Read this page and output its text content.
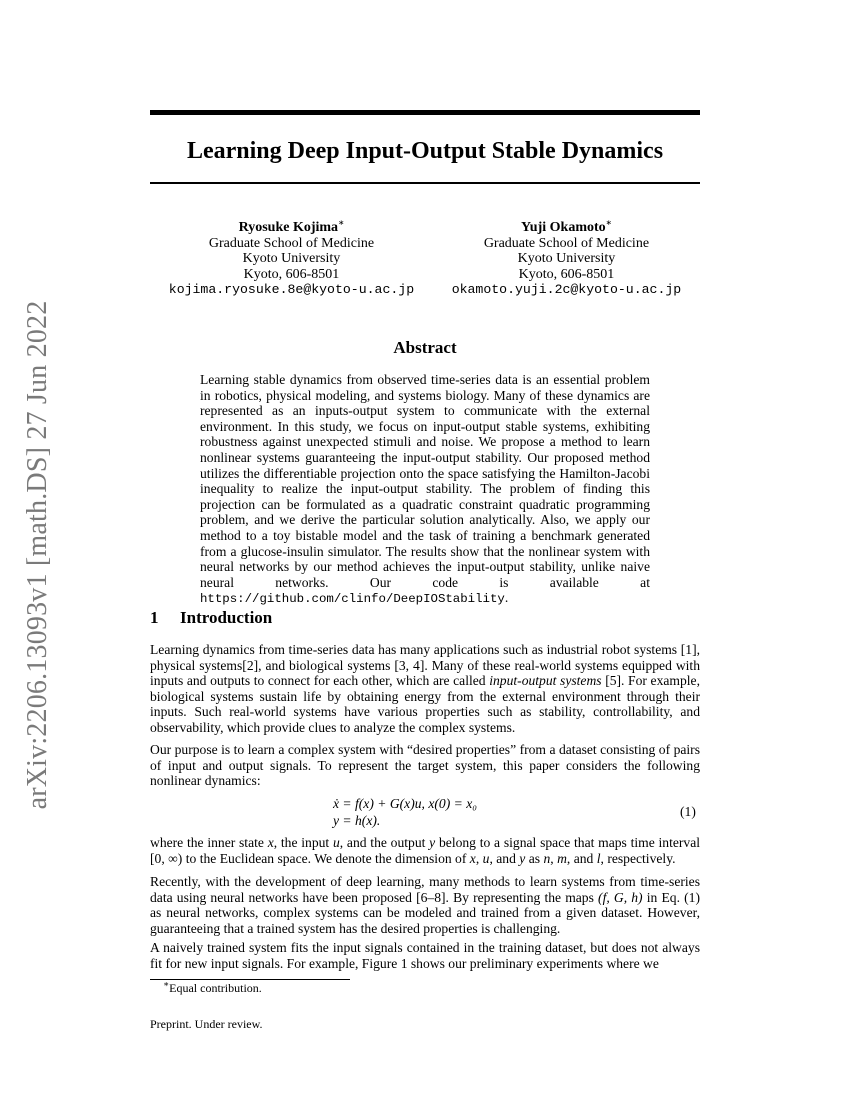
arXiv:2206.13093v1 [math.DS] 27 Jun 2022
Learning Deep Input-Output Stable Dynamics
Ryosuke Kojima∗
Graduate School of Medicine
Kyoto University
Kyoto, 606-8501
kojima.ryosuke.8e@kyoto-u.ac.jp
Yuji Okamoto∗
Graduate School of Medicine
Kyoto University
Kyoto, 606-8501
okamoto.yuji.2c@kyoto-u.ac.jp
Abstract

Learning stable dynamics from observed time-series data is an essential problem in robotics, physical modeling, and systems biology. Many of these dynamics are represented as an inputs-output system to communicate with the external environment. In this study, we focus on input-output stable systems, exhibiting robustness against unexpected stimuli and noise. We propose a method to learn nonlinear systems guaranteeing the input-output stability. Our proposed method utilizes the differentiable projection onto the space satisfying the Hamilton-Jacobi inequality to realize the input-output stability. The problem of finding this projection can be formulated as a quadratic constraint quadratic programming problem, and we derive the particular solution analytically. Also, we apply our method to a toy bistable model and the task of training a benchmark generated from a glucose-insulin simulator. The results show that the nonlinear system with neural networks by our method achieves the input-output stability, unlike naive neural networks. Our code is available at https://github.com/clinfo/DeepIOStability.

1 Introduction

Learning dynamics from time-series data has many applications such as industrial robot systems [1], physical systems[2], and biological systems [3, 4]. Many of these real-world systems equipped with inputs and outputs to connect for each other, which are called input-output systems [5]. For example, biological systems sustain life by obtaining energy from the external environment through their inputs. Such real-world systems have various properties such as stability, controllability, and observability, which provide clues to analyze the complex systems.

Our purpose is to learn a complex system with “desired properties” from a dataset consisting of pairs of input and output signals. To represent the target system, this paper considers the following nonlinear dynamics:

ẋ = f(x) + G(x)u, x(0) = x₀
y = h(x).
(1)

where the inner state x, the input u, and the output y belong to a signal space that maps time interval [0, ∞) to the Euclidean space. We denote the dimension of x, u, and y as n, m, and l, respectively.

Recently, with the development of deep learning, many methods to learn systems from time-series data using neural networks have been proposed [6–8]. By representing the maps (f, G, h) in Eq. (1) as neural networks, complex systems can be modeled and trained from a given dataset. However, guaranteeing that a trained system has the desired properties is challenging.

A naively trained system fits the input signals contained in the training dataset, but does not always fit for new input signals. For example, Figure 1 shows our preliminary experiments where we

∗Equal contribution.

Preprint. Under review.
